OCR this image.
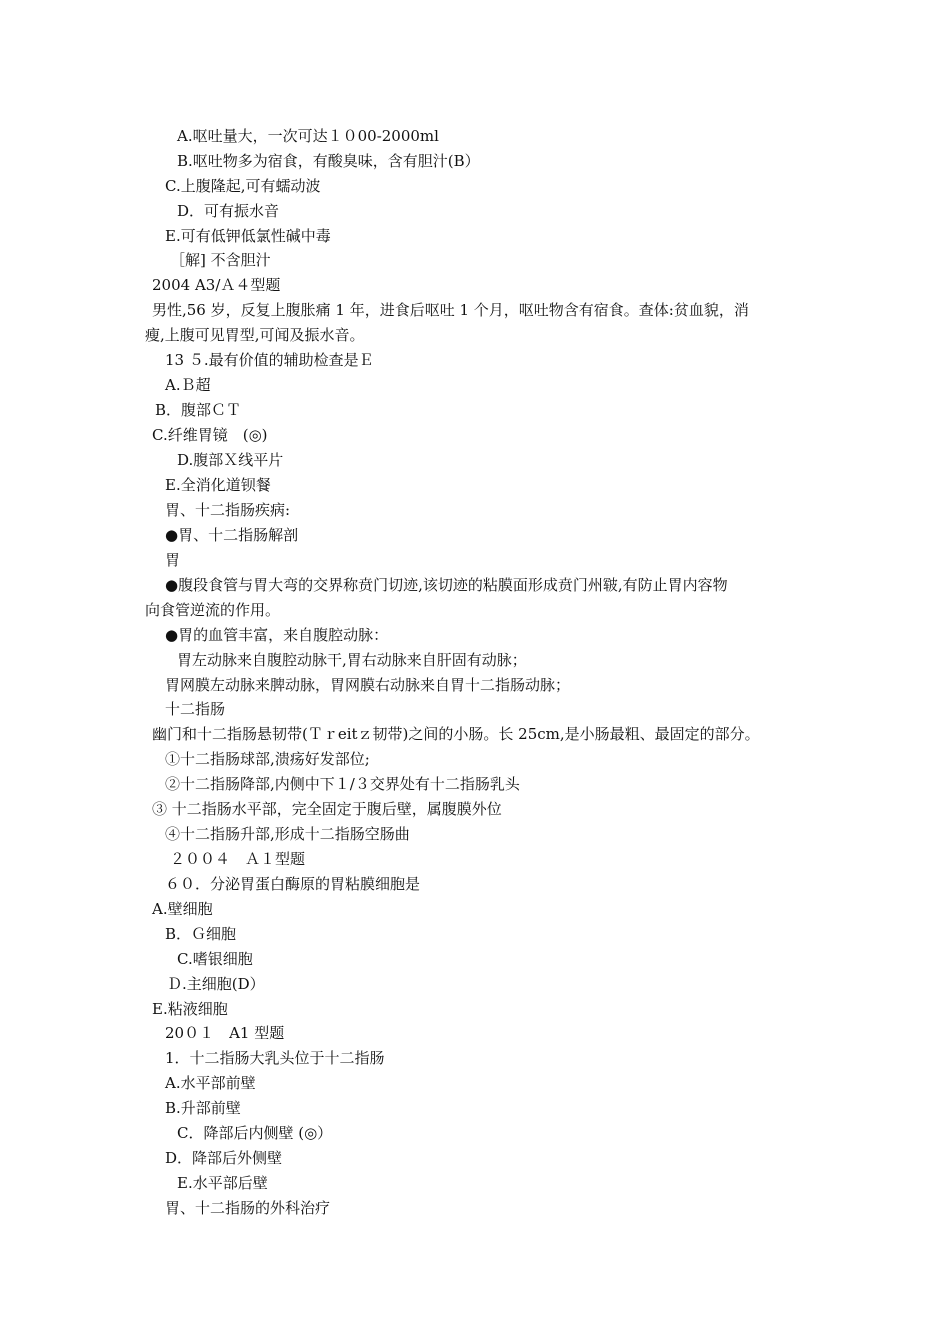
A.呕吐量大，一次可达１０00-2000ml
B.呕吐物多为宿食，有酸臭味，含有胆汁(B）
C.上腹隆起,可有蠕动波
D．可有振水音
E.可有低钾低氯性碱中毒
［解] 不含胆汁
2004 A3/Ａ４型题
男性,56 岁，反复上腹胀痛 1 年，进食后呕吐 1 个月，呕吐物含有宿食。查体:贫血貌，消
瘦,上腹可见胃型,可闻及振水音。
13 ５.最有价值的辅助检查是Ｅ
A.Ｂ超
B．腹部ＣＴ
C.纤维胃镜　(◎)
D.腹部Ｘ线平片
E.全消化道钡餐
胃、十二指肠疾病:
●胃、十二指肠解剖
胃
●腹段食管与胃大弯的交界称贲门切迹,该切迹的粘膜面形成贲门州皲,有防止胃内容物
向食管逆流的作用。
●胃的血管丰富，来自腹腔动脉：
胃左动脉来自腹腔动脉干,胃右动脉来自肝固有动脉；
胃网膜左动脉来脾动脉，胃网膜右动脉来自胃十二指肠动脉；
十二指肠
幽门和十二指肠悬韧带(Ｔｒeitｚ韧带)之间的小肠。长 25cm,是小肠最粗、最固定的部分。
①十二指肠球部,溃疡好发部位;
②十二指肠降部,内侧中下１/３交界处有十二指肠乳头
③ 十二指肠水平部，完全固定于腹后壁，属腹膜外位
④十二指肠升部,形成十二指肠空肠曲
２００４　Ａ１型题
６０．分泌胃蛋白酶原的胃粘膜细胞是
A.壁细胞
B．Ｇ细胞
C.嗜银细胞
Ｄ.主细胞(D）
E.粘液细胞
20０１　A1 型题
1．十二指肠大乳头位于十二指肠
A.水平部前壁
B.升部前壁
C．降部后内侧壁 (◎）
D．降部后外侧壁
E.水平部后壁
胃、十二指肠的外科治疗
